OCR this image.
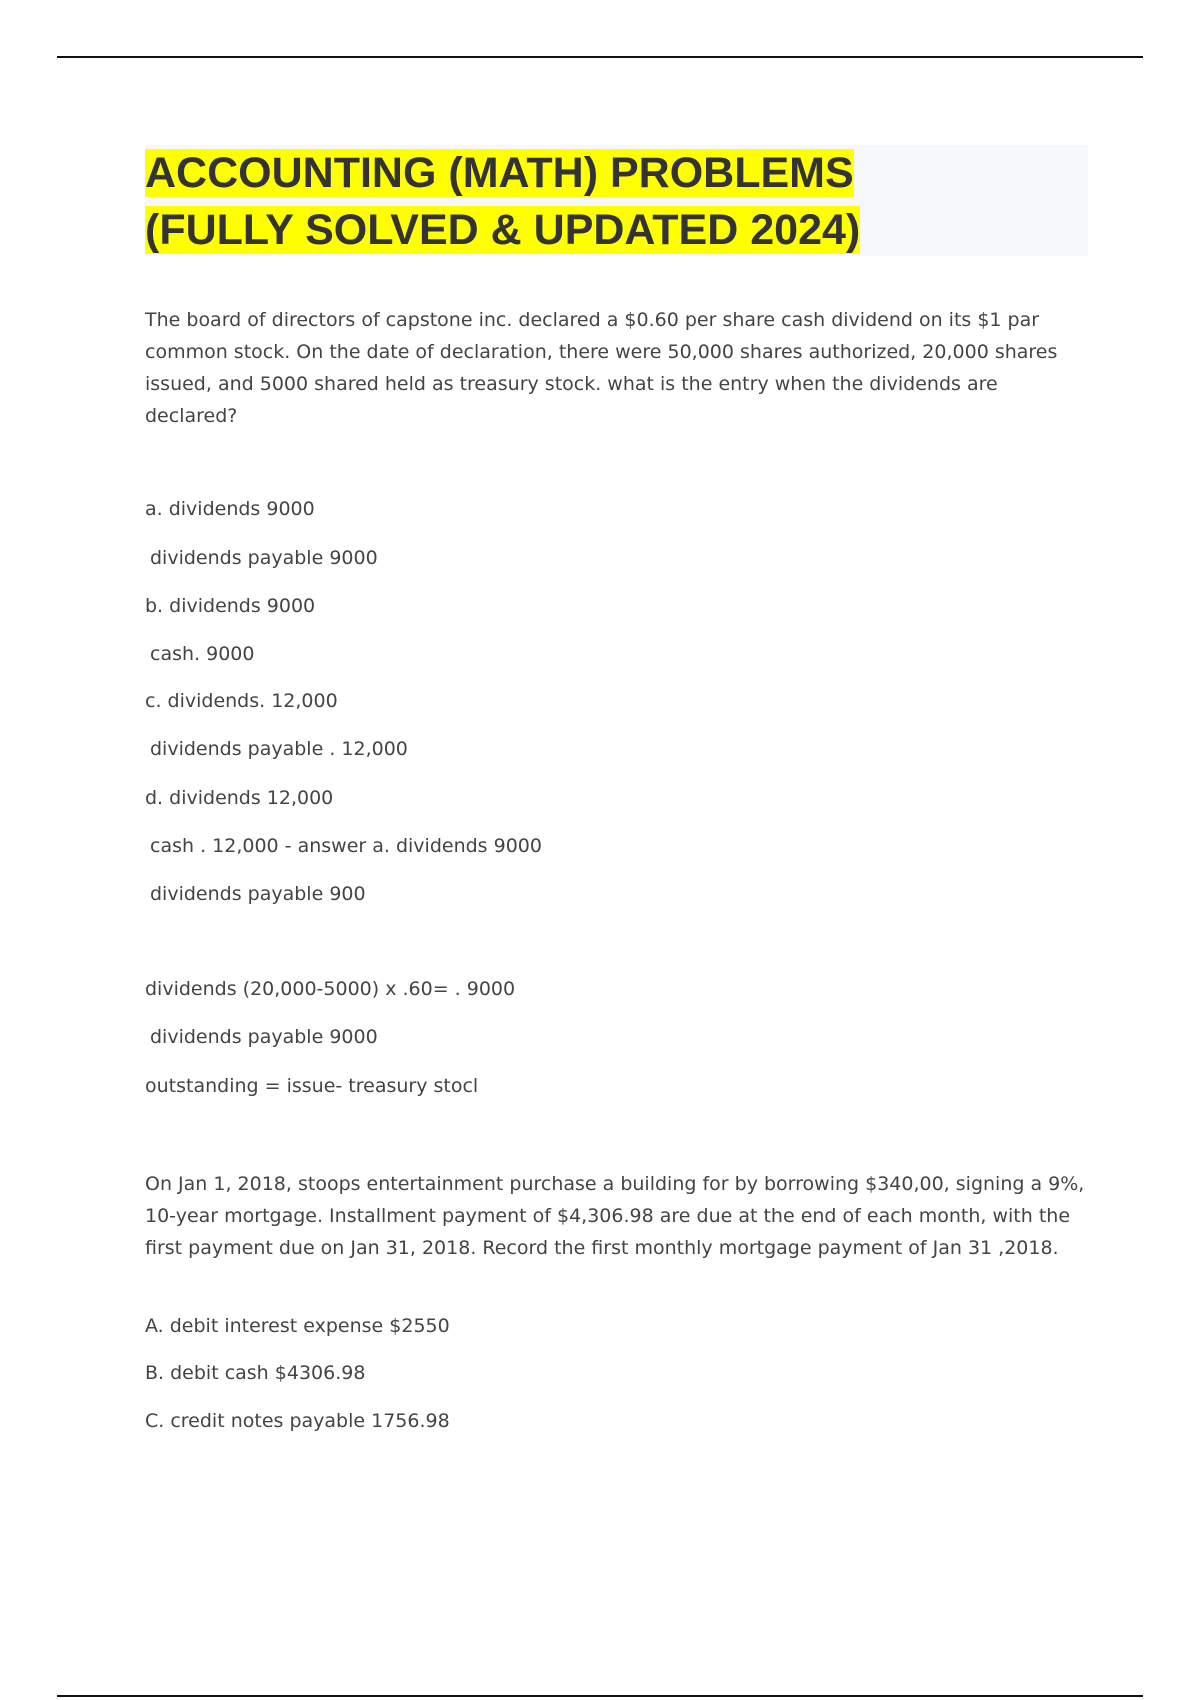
ACCOUNTING (MATH) PROBLEMS
(FULLY SOLVED & UPDATED 2024)

The board of directors of capstone inc. declared a $0.60 per share cash dividend on its $1 par common stock. On the date of declaration, there were 50,000 shares authorized, 20,000 shares issued, and 5000 shared held as treasury stock. what is the entry when the dividends are declared?

a. dividends 9000

dividends payable 9000

b. dividends 9000

cash. 9000

c. dividends. 12,000

dividends payable . 12,000

d. dividends 12,000

cash . 12,000 - answer a. dividends 9000

dividends payable 900

dividends (20,000-5000) x .60= . 9000

dividends payable 9000

outstanding = issue- treasury stocl

On Jan 1, 2018, stoops entertainment purchase a building for by borrowing $340,00, signing a 9%, 10-year mortgage. Installment payment of $4,306.98 are due at the end of each month, with the first payment due on Jan 31, 2018. Record the first monthly mortgage payment of Jan 31 ,2018.

A. debit interest expense $2550

B. debit cash $4306.98

C. credit notes payable 1756.98
